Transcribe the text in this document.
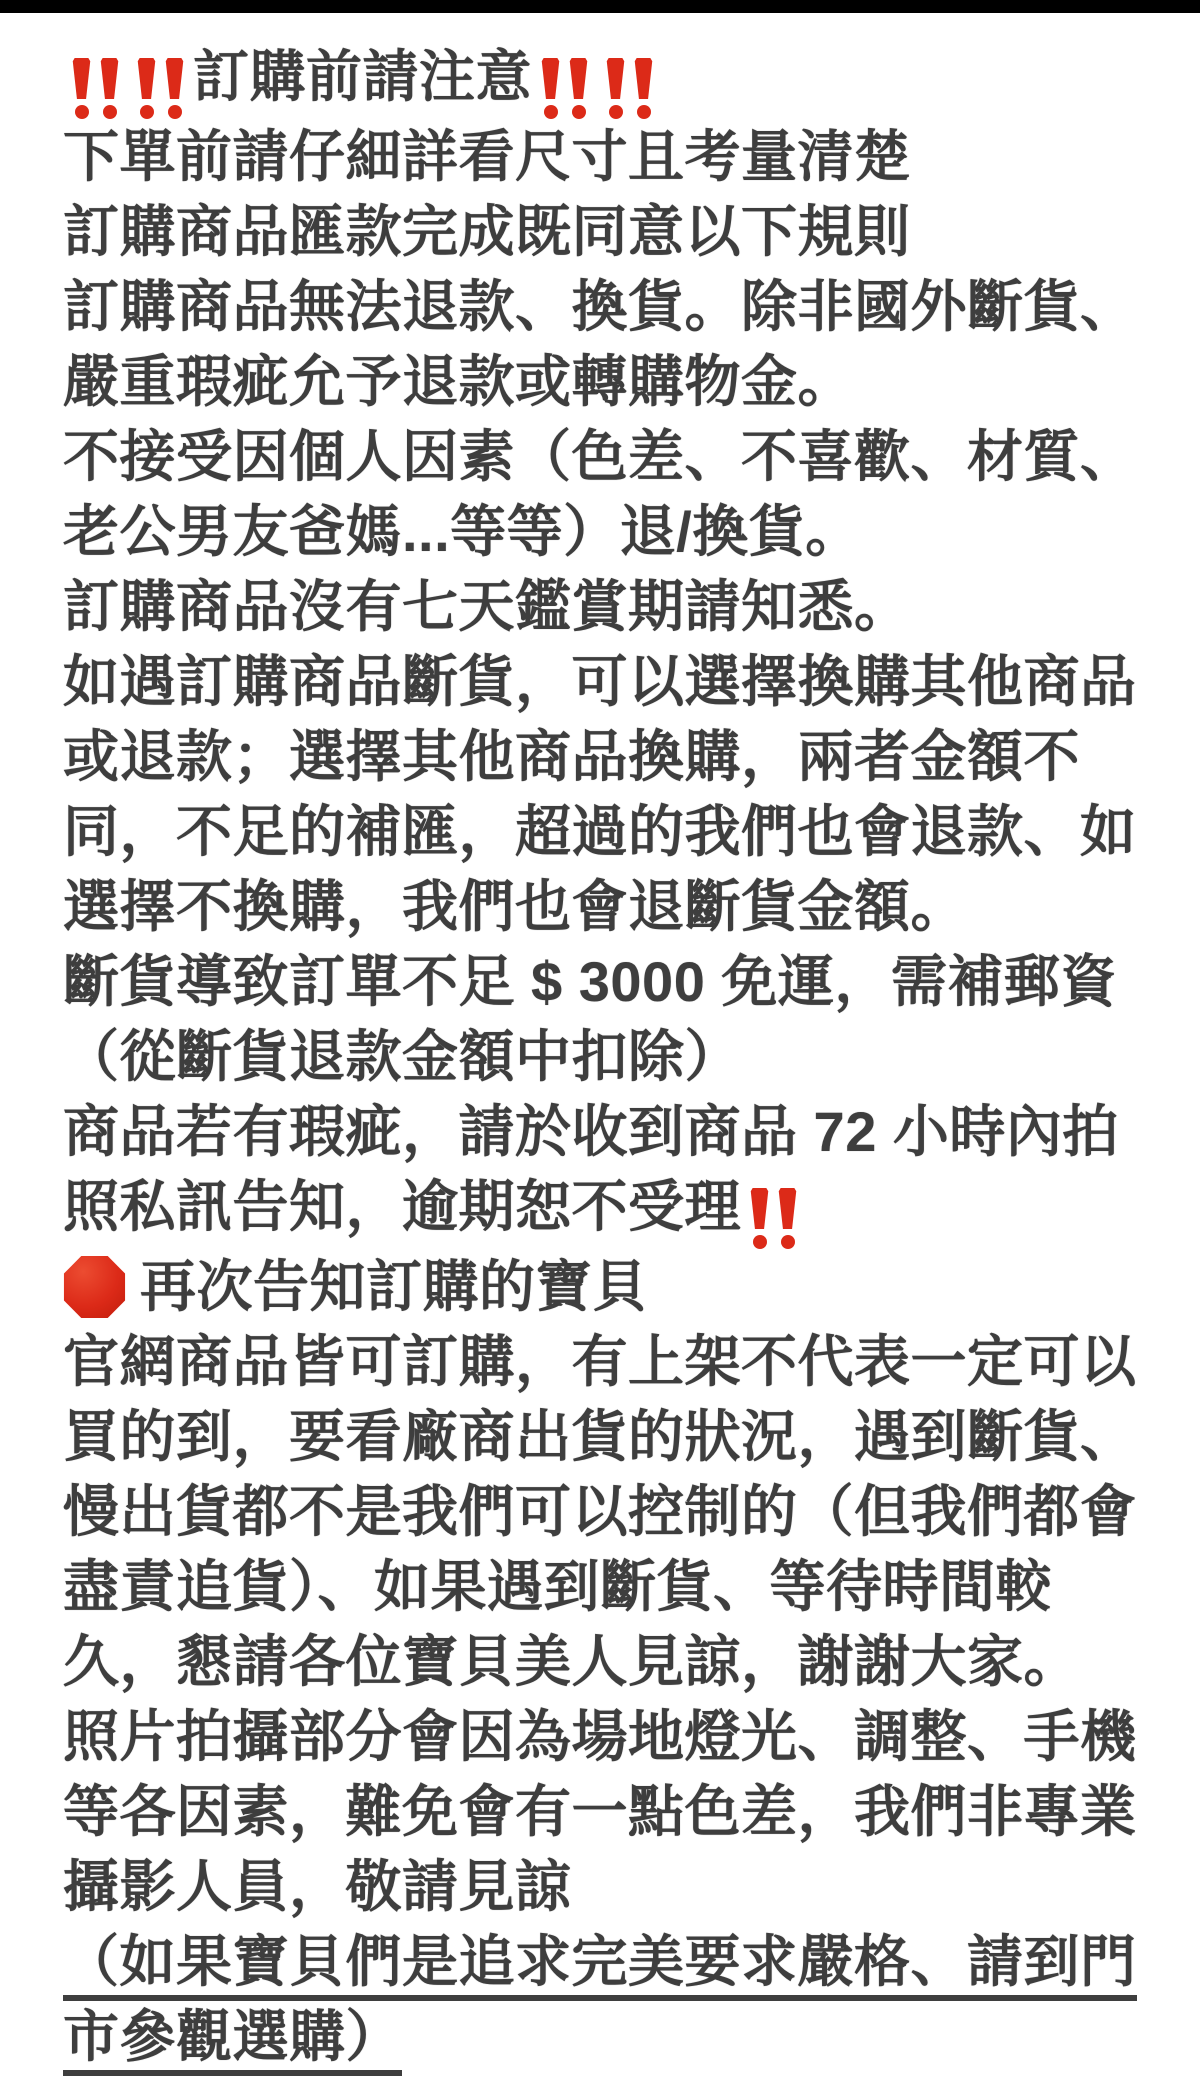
訂購前請注意
下單前請仔細詳看尺寸且考量清楚
訂購商品匯款完成既同意以下規則
訂購商品無法退款、換貨。除非國外斷貨、
嚴重瑕疵允予退款或轉購物金。
不接受因個人因素（色差、不喜歡、材質、
老公男友爸媽...等等）退/換貨。
訂購商品沒有七天鑑賞期請知悉。
如遇訂購商品斷貨，可以選擇換購其他商品
或退款；選擇其他商品換購，兩者金額不
同，不足的補匯，超過的我們也會退款、如
選擇不換購，我們也會退斷貨金額。
斷貨導致訂單不足 $ 3000 免運，需補郵資
（從斷貨退款金額中扣除）
商品若有瑕疵，請於收到商品 72 小時內拍
照私訊告知，逾期恕不受理
再次告知訂購的寶貝
官網商品皆可訂購，有上架不代表一定可以
買的到，要看廠商出貨的狀況，遇到斷貨、
慢出貨都不是我們可以控制的（但我們都會
盡責追貨）、如果遇到斷貨、等待時間較
久，懇請各位寶貝美人見諒，謝謝大家。
照片拍攝部分會因為場地燈光、調整、手機
等各因素，難免會有一點色差，我們非專業
攝影人員，敬請見諒
（如果寶貝們是追求完美要求嚴格、請到門
市參觀選購）
